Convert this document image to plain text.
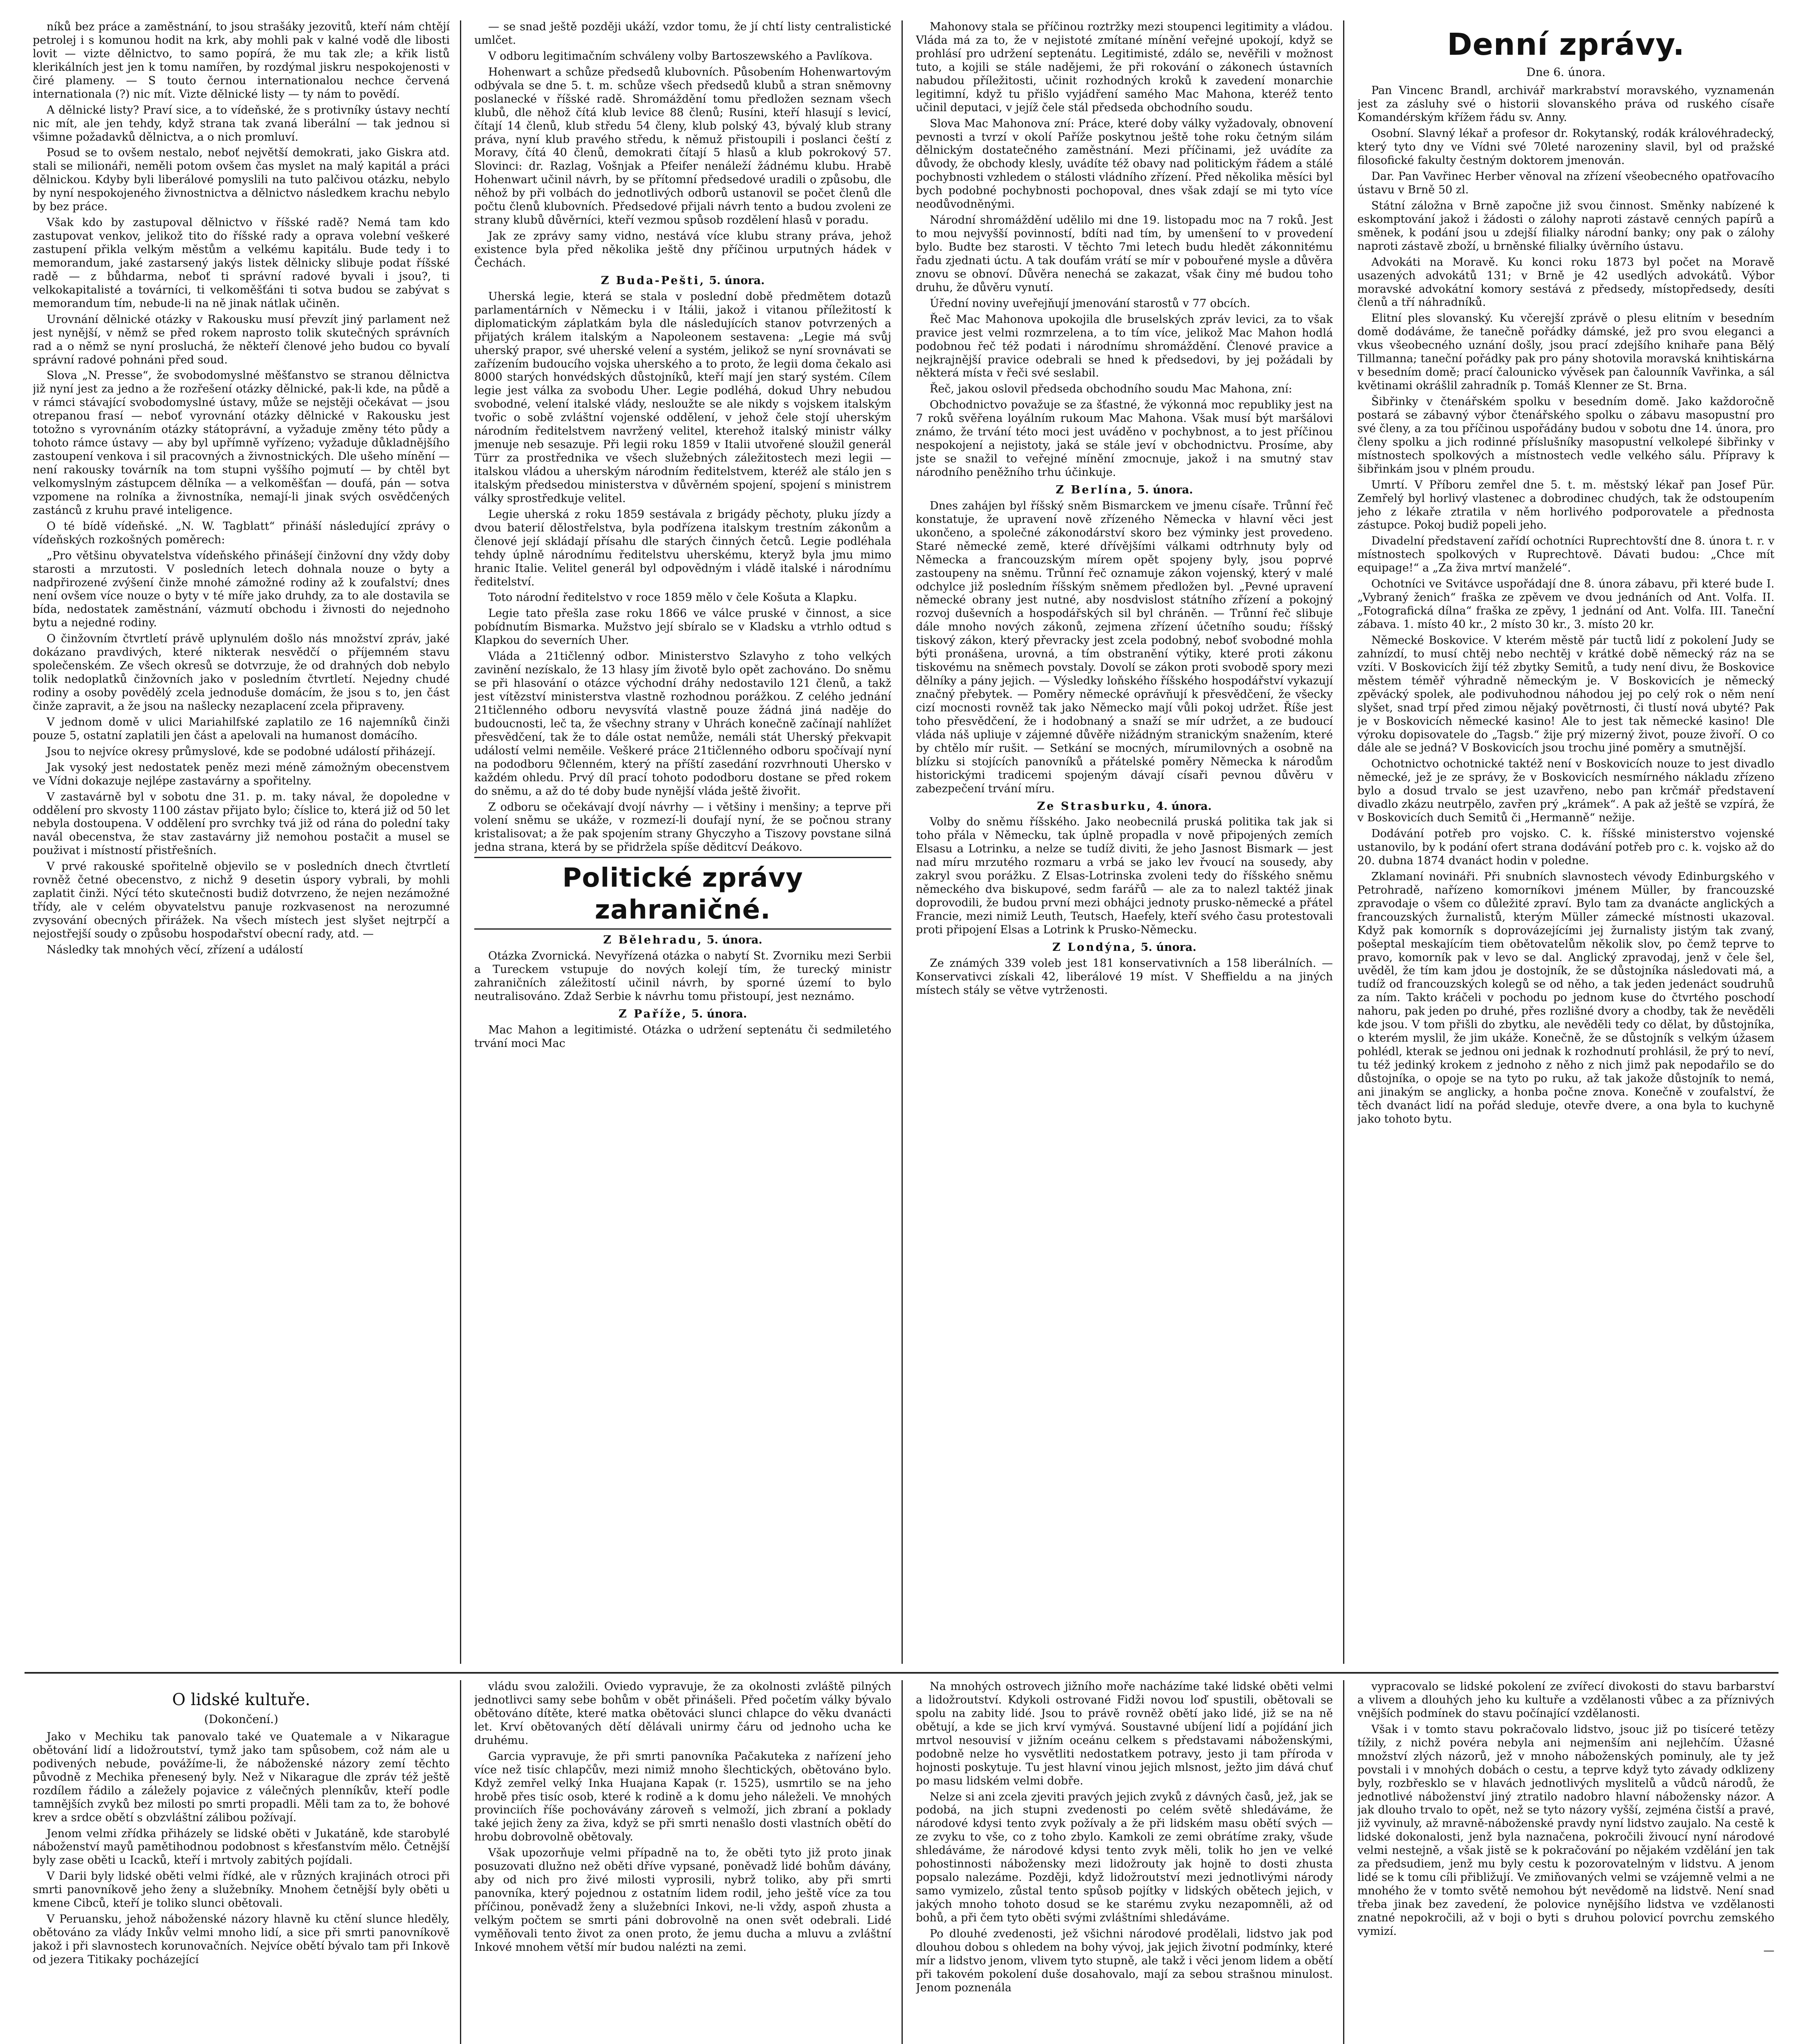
níků bez práce a zaměstnání, to jsou strašáky jezovitů, kteří nám chtějí petrolej i s komunou hodit na krk, aby mohli pak v kalné vodě dle libosti lovit — vizte dělnictvo, to samo popírá, že mu tak zle; a křik listů klerikálních jest jen k tomu namířen, by rozdýmal jiskru nespokojenosti v čiré plameny. — S touto černou internationalou nechce červená internationala (?) nic mít. Vizte dělnické listy — ty nám to povědí.

A dělnické listy? Praví sice, a to vídeňské, že s protivníky ústavy nechtí nic mít, ale jen tehdy, když strana tak zvaná liberální — tak jednou si všimne požadavků dělnictva, a o nich promluví.

Posud se to ovšem nestalo, neboť největší demokrati, jako Giskra atd. stali se milionáři, neměli potom ovšem čas myslet na malý kapitál a práci dělnickou. Kdyby byli liberálové pomyslili na tuto palčivou otázku, nebylo by nyní nespokojeného živnostnictva a dělnictvo následkem krachu nebylo by bez práce.

Však kdo by zastupoval dělnictvo v říšské radě? Nemá tam kdo zastupovat venkov, jelikož tito do říšské rady a oprava volební veškeré zastupení přikla velkým městům a velkému kapitálu. Bude tedy i to memorandum, jaké zastarsený jakýs listek dělnicky slibuje podat říšské radě — z bůhdarma, neboť ti správní radové byvali i jsou?, ti velkokapitalisté a továrníci, ti velkoměšťáni ti sotva budou se zabývat s memorandum tím, nebude-li na ně jinak nátlak učiněn.

Urovnání dělnické otázky v Rakousku musí převzít jiný parlament než jest nynější, v němž se před rokem naprosto tolik skutečných správních rad a o němž se nyní prosluchá, že někteří členové jeho budou co byvalí správní radové pohnáni před soud.

Slova „N. Presse“, že svobodomyslné měšťanstvo se stranou dělnictva již nyní jest za jedno a že rozřešení otázky dělnické, pak-li kde, na půdě a v rámci stávající svobodomyslné ústavy, může se nejstěji očekávat — jsou otrepanou frasí — neboť vyrovnání otázky dělnické v Rakousku jest totožno s vyrovnáním otázky státoprávní, a vyžaduje změny této půdy a tohoto rámce ústavy — aby byl upřímně vyřízeno; vyžaduje důkladnějšího zastoupení venkova i sil pracovných a živnostnických. Dle ušeho mínění — není rakousky továrník na tom stupni vyššího pojmutí — by chtěl byt velkomyslným zástupcem dělníka — a velkoměšťan — doufá, pán — sotva vzpomene na rolníka a živnostníka, nemají-li jinak svých osvědčených zastánců z kruhu pravé inteligence.

O té bídě vídeňské. „N. W. Tagblatt“ přináší následující zprávy o vídeňských rozkošných poměrech:

„Pro většinu obyvatelstva vídeňského přinášejí činžovní dny vždy doby starosti a mrzutosti. V posledních letech dohnala nouze o byty a nadpřirozené zvýšení činže mnohé zámožné rodiny až k zoufalství; dnes není ovšem více nouze o byty v té míře jako druhdy, za to ale dostavila se bída, nedostatek zaměstnání, vázmutí obchodu i živnosti do nejednoho bytu a nejedné rodiny.

O činžovním čtvrtletí právě uplynulém došlo nás množství zpráv, jaké dokázano pravdivých, které nikterak nesvědčí o příjemném stavu společenském. Ze všech okresů se dotvrzuje, že od drahných dob nebylo tolik nedoplatků činžovních jako v posledním čtvrtletí. Nejedny chudé rodiny a osoby povědělý zcela jednoduše domácím, že jsou s to, jen část činže zapravit, a že jsou na našlecky nezaplacení zcela připraveny.

V jednom domě v ulici Mariahilfské zaplatilo ze 16 najemníků činži pouze 5, ostatní zaplatili jen část a apelovali na humanost domácího.

Jsou to nejvíce okresy průmyslové, kde se podobné událostí přiházejí.

Jak vysoký jest nedostatek peněz mezi méně zámožným obecenstvem ve Vídni dokazuje nejlépe zastavárny a spořitelny.

V zastavárně byl v sobotu dne 31. p. m. taky nával, že dopoledne v oddělení pro skvosty 1100 zástav přijato bylo; číslice to, která již od 50 let nebyla dostoupena. V oddělení pro svrchky tvá již od rána do polední taky navál obecenstva, že stav zastavárny již nemohou postačit a musel se použivat i místností přistřešních.

V prvé rakouské spořitelně objevilo se v posledních dnech čtvrtletí rovněž četné obecenstvo, z nichž 9 desetin úspory vybrali, by mohli zaplatit činži. Nýcí této skutečnosti budiž dotvrzeno, že nejen nezámožné třídy, ale v celém obyvatelstvu panuje rozkvasenost na nerozumné zvysování obecných přirážek. Na všech místech jest slyšet nejtrpčí a nejostřejší soudy o způsobu hospodařství obecní rady, atd. —

Následky tak mnohých věcí, zřízení a událostí

— se snad ještě později ukáží, vzdor tomu, že jí chtí listy centralistické umlčet.

V odboru legitimačním schváleny volby Bartoszewského a Pavlíkova.

Hohenwart a schůze předsedů klubovních. Působením Hohenwartovým odbývala se dne 5. t. m. schůze všech předsedů klubů a stran sněmovny poslanecké v říšské radě. Shromáždění tomu předložen seznam všech klubů, dle něhož čítá klub levice 88 členů; Rusíni, kteří hlasují s levicí, čítají 14 členů, klub středu 54 členy, klub polský 43, bývalý klub strany práva, nyní klub pravého středu, k němuž přistoupili i poslanci čeští z Moravy, čítá 40 členů, demokrati čítají 5 hlasů a klub pokrokový 57. Slovinci: dr. Razlag, Vošnjak a Pfeifer nenáleží žádnému klubu. Hrabě Hohenwart učinil návrh, by se přítomní předsedové uradili o způsobu, dle něhož by při volbách do jednotlivých odborů ustanovil se počet členů dle počtu členů klubovních. Předsedové přijali návrh tento a budou zvoleni ze strany klubů důvěrníci, kteří vezmou spůsob rozdělení hlasů v poradu.

Jak ze zprávy samy vidno, nestává více klubu strany práva, jehož existence byla před několika ještě dny příčinou urputných hádek v Čechách.

Z Buda-Pešti, 5. února.

Uherská legie, která se stala v poslední době předmětem dotazů parlamentárních v Německu i v Itálii, jakož i vitanou příležitostí k diplomatickým záplatkám byla dle následujících stanov potvrzených a přijatých králem italským a Napoleonem sestavena: „Legie má svůj uherský prapor, své uherské velení a systém, jelikož se nyní srovnávati se zařízením budoucího vojska uherského a to proto, že legii doma čekalo asi 8000 starých honvédských důstojníků, kteří mají jen starý systém. Cílem legie jest válka za svobodu Uher. Legie podléhá, dokud Uhry nebudou svobodné, velení italské vlády, nesloužte se ale nikdy s vojskem italským tvořic o sobě zvláštní vojenské oddělení, v jehož čele stojí uherským národním ředitelstvem navržený velitel, kterehož italský ministr války jmenuje neb sesazuje. Při legii roku 1859 v Italii utvořené sloužil generál Türr za prostřednika ve všech služebných záležitostech mezi legii — italskou vládou a uherským národním ředitelstvem, kteréž ale stálo jen s italským předsedou ministerstva v důvěrném spojení, spojení s ministrem války sprostředkuje velitel.

Legie uherská z roku 1859 sestávala z brigády pěchoty, pluku jízdy a dvou baterií dělostřelstva, byla podřízena italskym trestním zákonům a členové její skládají přísahu dle starých činných četců. Legie podléhala tehdy úplně národnímu ředitelstvu uherskému, kteryž byla jmu mimo hranic Italie. Velitel generál byl odpovědným i vládě italské i národnímu ředitelství.

Toto národní ředitelstvo v roce 1859 mělo v čele Košuta a Klapku.

Legie tato přešla zase roku 1866 ve válce pruské v činnost, a sice pobídnutím Bismarka. Mužstvo její sbíralo se v Kladsku a vtrhlo odtud s Klapkou do severních Uher.

Vláda a 21tičlenný odbor. Ministerstvo Szlavyho z toho velkých zavinění nezískalo, že 13 hlasy jím životě bylo opět zachováno. Do sněmu se při hlasování o otázce východní dráhy nedostavilo 121 členů, a takž jest vítězství ministerstva vlastně rozhodnou porážkou. Z celého jednání 21tičlenného odboru nevysvítá vlastně pouze žádná jiná naděje do budoucnosti, leč ta, že všechny strany v Uhrách konečně začínají nahlížet přesvědčení, tak že to dále ostat nemůže, nemáli stát Uherský překvapit událostí velmi neměile. Veškeré práce 21tičlenného odboru spočívají nyní na pododboru 9členném, který na příští zasedání rozvrhnouti Uhersko v každém ohledu. Prvý díl prací tohoto pododboru dostane se před rokem do sněmu, a až do té doby bude nynější vláda ještě živořit.

Z odboru se očekávají dvojí návrhy — i většiny i menšiny; a teprve při volení sněmu se ukáže, v rozmezí-li doufají nyní, že se počnou strany kristalisovat; a že pak spojením strany Ghyczyho a Tiszovy povstane silná jedna strana, která by se přidržela spíše děditcví Deákovo.

Politické zprávy zahraničné.
Z Bělehradu, 5. února.

Otázka Zvornická. Nevyřízená otázka o nabytí St. Zvorniku mezi Serbii a Tureckem vstupuje do nových kolejí tím, že turecký ministr zahraničních záležitostí učinil návrh, by sporné území to bylo neutralisováno. Zdaž Serbie k návrhu tomu přistoupí, jest neznámo.

Z Paříže, 5. února.

Mac Mahon a legitimisté. Otázka o udržení septenátu či sedmiletého trvání moci Mac

Mahonovy stala se příčinou roztržky mezi stoupenci legitimity a vládou. Vláda má za to, že v nejistoté zmítané mínění veřejné upokojí, když se prohlásí pro udržení septenátu. Legitimisté, zdálo se, nevěřili v možnost tuto, a kojili se stále nadějemi, že při rokování o zákonech ústavních nabudou příležitosti, učinit rozhodných kroků k zavedení monarchie legitimní, když tu přišlo vyjádření samého Mac Mahona, kteréž tento učinil deputaci, v jejíž čele stál předseda obchodního soudu.

Slova Mac Mahonova zní: Práce, které doby války vyžadovaly, obnovení pevnosti a tvrzí v okolí Paříže poskytnou ještě tohe roku četným silám dělnickým dostatečného zaměstnání. Mezi příčinami, jež uvádíte za důvody, že obchody klesly, uvádíte též obavy nad politickým řádem a stálé pochybnosti vzhledem o stálosti vládního zřízení. Před několika měsíci byl bych podobné pochybnosti pochopoval, dnes však zdají se mi tyto více neodůvodněnými.

Národní shromáždění udělilo mi dne 19. listopadu moc na 7 roků. Jest to mou nejvyšší povinností, bdíti nad tím, by umenšení to v provedení bylo. Budte bez starosti. V těchto 7mi letech budu hledět zákonnitému řadu zjednati úctu. A tak doufám vrátí se mír v pobouřené mysle a důvěra znovu se obnoví. Důvěra nenechá se zakazat, však činy mé budou toho druhu, že důvěru vynutí.

Úřední noviny uveřejňují jmenování starostů v 77 obcích.

Řeč Mac Mahonova upokojila dle bruselských zpráv levici, za to však pravice jest velmi rozmrzelena, a to tím více, jelikož Mac Mahon hodlá podobnou řeč též podati i národnímu shromáždění. Členové pravice a nejkrajnější pravice odebrali se hned k předsedovi, by jej požádali by některá místa v řeči své seslabil.

Řeč, jakou oslovil předseda obchodního soudu Mac Mahona, zní:

Obchodnictvo považuje se za šťastné, že výkonná moc republiky jest na 7 roků svěřena loyálním rukoum Mac Mahona. Však musí být maršálovi známo, že trvání této moci jest uváděno v pochybnost, a to jest příčinou nespokojení a nejistoty, jaká se stále jeví v obchodnictvu. Prosíme, aby jste se snažil to veřejné mínění zmocnuje, jakož i na smutný stav národního peněžního trhu účinkuje.

Z Berlína, 5. února.

Dnes zahájen byl říšský sněm Bismarckem ve jmenu císaře. Trůnní řeč konstatuje, že upravení nově zřízeného Německa v hlavní věci jest ukončeno, a společné zákonodárství skoro bez výminky jest provedeno. Staré německé země, které dřívějšími válkami odtrhnuty byly od Německa a francouzským mírem opět spojeny byly, jsou poprvé zastoupeny na sněmu. Trůnní řeč oznamuje zákon vojenský, který v malé odchylce již posledním říšským sněmem předložen byl. „Pevné upravení německé obrany jest nutné, aby nosdvislost státního zřízení a pokojný rozvoj duševních a hospodářských sil byl chráněn. — Trůnní řeč slibuje dále mnoho nových zákonů, zejmena zřízení účetního soudu; říšský tiskový zákon, který převracky jest zcela podobný, neboť svobodné mohla býti pronášena, urovná, a tím obstranění výtiky, které proti zákonu tiskovému na sněmech povstaly. Dovolí se zákon proti svobodě spory mezi dělníky a pány jejich. — Výsledky loňského říšského hospodářství vykazují značný přebytek. — Poměry německé oprávňují k přesvědčení, že všecky cizí mocnosti rovněž tak jako Německo mají vůli pokoj udržet. Říše jest toho přesvědčení, že i hodobnaný a snaží se mír udržet, a ze budoucí vláda náš upliuje v zájemné důvěře nižádným stranickým snažením, které by chtělo mír rušit. — Setkání se mocných, mírumilovných a osobně na blízku si stojících panovníků a přátelské poměry Německa k národům historickými tradicemi spojeným dávají císaři pevnou důvěru v zabezpečení trvání míru.

Ze Strasburku, 4. února.

Volby do sněmu říšského. Jako neobecnilá pruská politika tak jak si toho přála v Německu, tak úplně propadla v nově připojených zemích Elsasu a Lotrinku, a nelze se tudíž diviti, že jeho Jasnost Bismark — jest nad míru mrzutého rozmaru a vrbá se jako lev řvoucí na sousedy, aby zakryl svou porážku. Z Elsas-Lotrinska zvoleni tedy do říšského sněmu německého dva biskupové, sedm farářů — ale za to nalezl taktéž jinak doprovodili, že budou první mezi obhájci jednoty prusko-německé a přátel Francie, mezi nimiž Leuth, Teutsch, Haefely, kteří svého času protestovali proti připojení Elsas a Lotrink k Prusko-Německu.

Z Londýna, 5. února.

Ze známých 339 voleb jest 181 konservativních a 158 liberálních. — Konservativci získali 42, liberálové 19 míst. V Sheffieldu a na jiných místech stály se větve vytrženosti.

Denní zprávy.
Dne 6. února.

Pan Vincenc Brandl, archivář markrabství moravského, vyznamenán jest za zásluhy své o historii slovanského práva od ruského císaře Komandérským křížem řádu sv. Anny.

Osobní. Slavný lékař a profesor dr. Rokytanský, rodák královéhradecký, který tyto dny ve Vídni své 70leté narozeniny slavil, byl od pražské filosofické fakulty čestným doktorem jmenován.

Dar. Pan Vavřinec Herber věnoval na zřízení všeobecného opatřovacího ústavu v Brně 50 zl.

Státní záložna v Brně započne již svou činnost. Směnky nabízené k eskomptování jakož i žádosti o zálohy naproti zástavě cenných papírů a směnek, k podání jsou u zdejší filialky národní banky; ony pak o zálohy naproti zástavě zboží, u brněnské filialky úvěrního ústavu.

Advokáti na Moravě. Ku konci roku 1873 byl počet na Moravě usazených advokátů 131; v Brně je 42 usedlých advokátů. Výbor moravské advokátní komory sestává z předsedy, místopředsedy, desíti členů a tří náhradníků.

Elitní ples slovanský. Ku včerejší zprávě o plesu elitním v besedním domě dodáváme, že tanečně pořádky dámské, jež pro svou eleganci a vkus všeobecného uznání došly, jsou prací zdejšího knihaře pana Bělý Tillmanna; taneční pořádky pak pro pány shotovila moravská knihtiskárna v besedním domě; prací čalounicko vývěsek pan čalounník Vavřinka, a sál květinami okrášlil zahradník p. Tomáš Klenner ze St. Brna.

Šibřinky v čtenářském spolku v besedním domě. Jako každoročně postará se zábavný výbor čtenářského spolku o zábavu masopustní pro své členy, a za tou příčinou uspořádány budou v sobotu dne 14. února, pro členy spolku a jich rodinné příslušníky masopustní velkolepé šibřinky v místnostech spolkových a místnostech vedle velkého sálu. Přípravy k šibřinkám jsou v plném proudu.

Umrtí. V Příboru zemřel dne 5. t. m. městský lékař pan Josef Pür. Zemřelý byl horlivý vlastenec a dobrodinec chudých, tak že odstoupením jeho z lékaře ztratila v něm horlivého podporovatele a přednosta zástupce. Pokoj budiž popeli jeho.

Divadelní představení zařídí ochotníci Ruprechtovští dne 8. února t. r. v místnostech spolkových v Ruprechtově. Dávati budou: „Chce mít equipage!“ a „Za živa mrtví manželé“.

Ochotníci ve Svitávce uspořádají dne 8. února zábavu, při které bude I. „Vybraný ženich“ fraška ze zpěvem ve dvou jednáních od Ant. Volfa. II. „Fotografická dílna“ fraška ze zpěvy, 1 jednání od Ant. Volfa. III. Taneční zábava. 1. místo 40 kr., 2 místo 30 kr., 3. místo 20 kr.

Německé Boskovice. V kterém městě pár tuctů lidí z pokolení Judy se zahnízdí, to musí chtěj nebo nechtěj v krátké době německý ráz na se vzíti. V Boskovicích žijí též zbytky Semitů, a tudy není divu, že Boskovice městem téměř výhradně německým je. V Boskovicích je německý zpěvácký spolek, ale podivuhodnou náhodou jej po celý rok o něm není slyšet, snad trpí před zimou nějaký povětrnosti, či tlustí nová ubyté? Pak je v Boskovicích německé kasino! Ale to jest tak německé kasino! Dle výroku dopisovatele do „Tagsb.“ žije prý mizerný život, pouze živoří. O co dále ale se jedná? V Boskovicích jsou trochu jiné poměry a smutnější.

Ochotnictvo ochotnické taktéž není v Boskovicích nouze to jest divadlo německé, jež je ze správy, že v Boskovicích nesmírného nákladu zřízeno bylo a dosud trvalo se jest uzavřeno, nebo pan krčmář představení divadlo zkázu neutrpělo, zavřen prý „krámek“. A pak až ještě se vzpírá, že v Boskovicích duch Semitů či „Hermanně“ nežije.

Dodávání potřeb pro vojsko. C. k. říšské ministerstvo vojenské ustanovilo, by k podání ofert strana dodávání potřeb pro c. k. vojsko až do 20. dubna 1874 dvanáct hodin v poledne.

Zklamaní novináři. Při snubních slavnostech vévody Edinburgského v Petrohradě, nařízeno komorníkovi jménem Müller, by francouzské zpravodaje o všem co důležité zpraví. Bylo tam za dvanácte anglických a francouzských žurnalistů, kterým Müller zámecké místnosti ukazoval. Když pak komorník s doprovázejícími jej žurnalisty jistým tak zvaný, pošeptal meskajícím tiem obětovatelům několik slov, po čemž teprve to pravo, komorník pak v levo se dal. Anglický zpravodaj, jenž v čele šel, uvěděl, že tím kam jdou je dostojník, že se důstojníka následovati má, a tudíž od francouzských kolegů se od něho, a tak jeden jedenáct soudruhů za ním. Takto kráčeli v pochodu po jednom kuse do čtvrtého poschodí nahoru, pak jeden po druhé, přes rozlišné dvory a chodby, tak že nevěděli kde jsou. V tom přišli do zbytku, ale nevěděli tedy co dělat, by důstojníka, o kterém myslil, že jim ukáže. Konečně, že se důstojník s velkým úžasem pohlédl, kterak se jednou oni jednak k rozhodnutí prohlásil, že prý to neví, tu též jedinký krokem z jednoho z něho z nich jimž pak nepodařilo se do důstojníka, o opoje se na tyto po ruku, až tak jakože důstojník to nemá, ani jinakým se anglicky, a honba počne znova. Konečně v zoufalství, že těch dvanáct lidí na pořád sleduje, otevře dvere, a ona byla to kuchyně jako tohoto bytu.

O lidské kultuře.
(Dokončení.)

Jako v Mechiku tak panovalo také ve Quatemale a v Nikarague obětování lidí a lidožroutství, tymž jako tam spůsobem, což nám ale u podivených nebude, povážíme-li, že náboženské názory zemí těchto původně z Mechika přenesený byly. Než v Nikarague dle zpráv též ještě rozdílem řádilo a záležely pojavice z válečných plenníkův, kteří podle tamnějších zvyků bez milosti po smrti propadli. Měli tam za to, že bohové krev a srdce obětí s obzvláštní zálibou požívají.

Jenom velmi zřídka přiházely se lidské oběti v Jukatáně, kde starobylé náboženství mayů pamětihodnou podobnost s křesťanstvím mělo. Četnější byly zase oběti u Icacků, kteří i mrtvoly zabitých pojídali.

V Darii byly lidské oběti velmi řídké, ale v různých krajinách otroci při smrti panovníkově jeho ženy a služebníky. Mnohem četnější byly oběti u kmene Cibců, kteří je toliko slunci obětovali.

V Peruansku, jehož náboženské názory hlavně ku ctění slunce hleděly, obětováno za vlády Inkův velmi mnoho lidí, a sice při smrti panovníkově jakož i při slavnostech korunovačních. Nejvíce obětí bývalo tam při Inkově od jezera Titikaky pocházející

vládu svou založili. Oviedo vypravuje, že za okolnosti zvláště pilných jednotlivci samy sebe bohům v obět přinášeli. Před početím války bývalo obětováno dítěte, které matka obětováci slunci chlapce do věku dvanácti let. Krví obětovaných dětí dělávali unirmy čáru od jednoho ucha ke druhému.

Garcia vypravuje, že při smrti panovníka Pačakuteka z nařízení jeho více než tisíc chlapčův, mezi nimiž mnoho šlechtických, obětováno bylo. Když zemřel velký Inka Huajana Kapak (r. 1525), usmrtilo se na jeho hrobě přes tisíc osob, které k rodině a k domu jeho náleželi. Ve mnohých provinciích říše pochovávány zároveň s velmoží, jich zbraní a poklady také jejich ženy za živa, když se při smrti nenašlo dosti vlastních obětí do hrobu dobrovolně obětovaly.

Však upozorňuje velmi případně na to, že oběti tyto již proto jinak posuzovati dlužno než oběti dříve vypsané, poněvadž lidé bohům dávány, aby od nich pro živé milosti vyprosili, nybrž toliko, aby při smrti panovníka, který pojednou z ostatním lidem rodil, jeho ještě více za tou příčinou, poněvadž ženy a služebníci Inkovi, ne-li vždy, aspoň zhusta a velkým počtem se smrti páni dobrovolně na onen svět odebrali. Lidé vyměňovali tento život za onen proto, že jemu ducha a mluvu a zvláštní Inkové mnohem větší mír budou nalézti na zemi.

Na mnohých ostrovech jižního moře nacházíme také lidské oběti velmi a lidožroutství. Kdykoli ostrované Fidži novou loď spustili, obětovali se spolu na zabity lidé. Jsou to právě rovněž obětí jako lidé, již se na ně obětují, a kde se jich krví vymývá. Soustavné ubíjení lidí a pojídání jich mrtvol nesouvisí v jižním oceánu celkem s představami náboženskými, podobně nelze ho vysvětliti nedostatkem potravy, jesto ji tam příroda v hojnosti poskytuje. Tu jest hlavní vinou jejich mlsnost, ježto jim dává chuť po masu lidském velmi dobře.

Nelze si ani zcela zjeviti pravých jejich zvyků z dávných časů, jež, jak se podobá, na jich stupni zvedenosti po celém světě shledáváme, že národové kdysi tento zvyk požívaly a že při lidském masu obětí svých — ze zvyku to vše, co z toho zbylo. Kamkoli ze zemi obrátíme zraky, všude shledáváme, že národové kdysi tento zvyk měli, tolik ho jen ve velké pohostinnosti nábožensky mezi lidožrouty jak hojně to dosti zhusta popsalo nalezáme. Později, když lidožroutství mezi jednotlivými národy samo vymizelo, zůstal tento spůsob pojítky v lidských obětech jejich, v jakých mnoho tohoto dosud se ke starému zvyku nezapomněli, až od bohů, a při čem tyto oběti svými zvláštními shledáváme.

Po dlouhé zvedenosti, jež všichni národové prodělali, lidstvo jak pod dlouhou dobou s ohledem na bohy vývoj, jak jejich životní podmínky, které mír a lidstvo jenom, vlivem tyto stupně, ale takž i věci jenom lidem a obětí při takovém pokolení duše dosahovalo, mají za sebou strašnou minulost. Jenom poznenála

vypracovalo se lidské pokolení ze zvířecí divokosti do stavu barbarství a vlivem a dlouhých jeho ku kultuře a vzdělanosti vůbec a za příznivých vnějších podmínek do stavu počínající vzdělanosti.

Však i v tomto stavu pokračovalo lidstvo, jsouc již po tisíceré tetězy tížily, z nichž povéra nebyla ani nejmenším ani nejlehčím. Úžasné množství zlých názorů, jež v mnoho náboženských pominuly, ale ty jež povstali i v mnohých dobách o cestu, a teprve když tyto závady odklizeny byly, rozbřesklo se v hlavách jednotlivých myslitelů a vůdců národů, že jednotlivé náboženství jiný ztratilo nadobro hlavní nábožensky názor. A jak dlouho trvalo to opět, než se tyto názory vyšší, zejména čistší a pravé, již vyvinuly, až mravně-náboženské pravdy nyní lidstvo zaujalo. Na cestě k lidské dokonalosti, jenž byla naznačena, pokročili živoucí nyní národové velmi nestejně, a však jistě se k pokračování po nějakém vzdělání jen tak za předsudiem, jenž mu byly cestu k pozorovatelným v lidstvu. A jenom lidé se k tomu cíli přibližují. Ve zmiňovaných velmi se vzájemně velmi a ne mnohého že v tomto světě nemohou být nevědomě na lidstvě. Není snad třeba jinak bez zavedení, že polovice nynějšího lidstva ve vzdělanosti znatné nepokročili, až v boji o byti s druhou polovicí povrchu zemského vymizí.

—
